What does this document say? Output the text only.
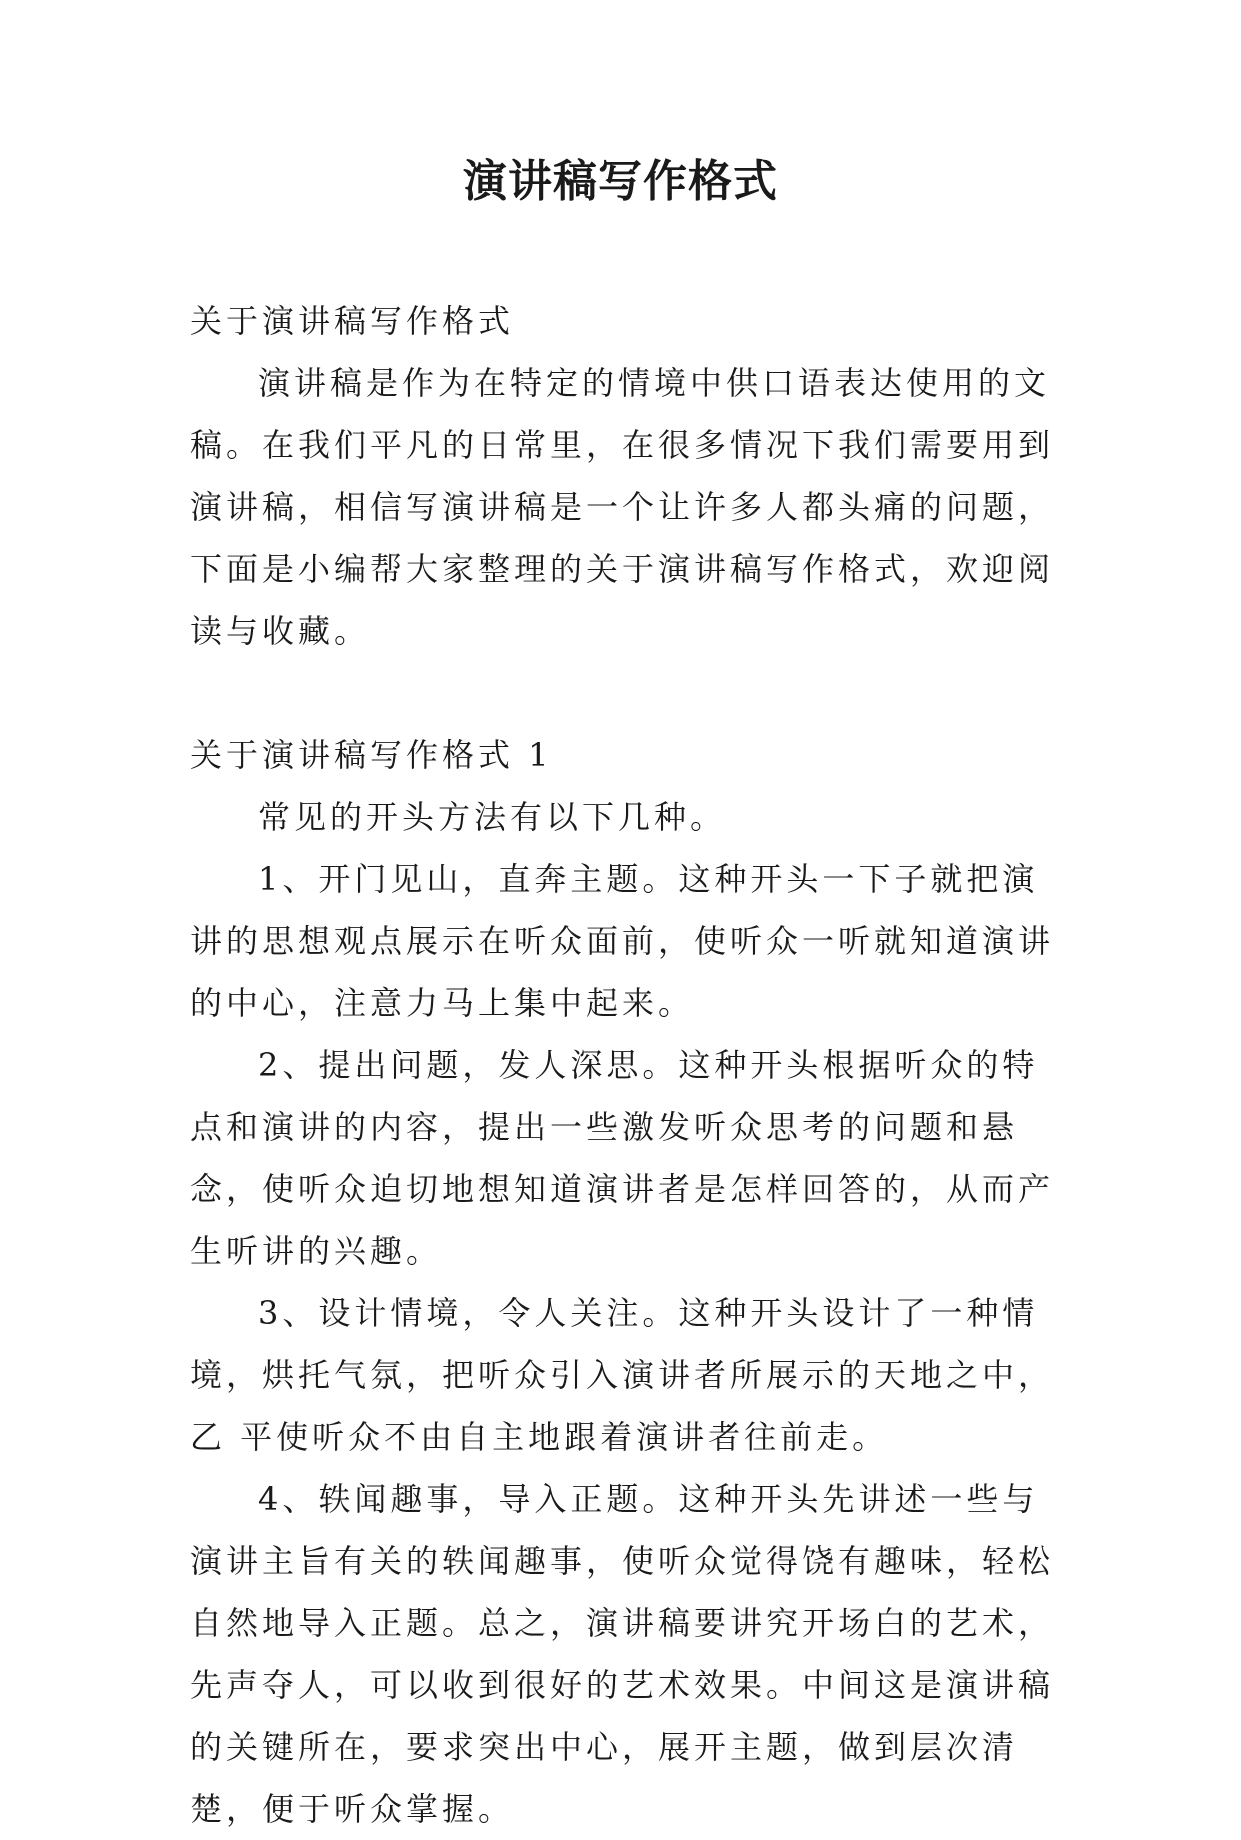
演讲稿写作格式

关于演讲稿写作格式

演讲稿是作为在特定的情境中供口语表达使用的文稿。在我们平凡的日常里，在很多情况下我们需要用到演讲稿，相信写演讲稿是一个让许多人都头痛的问题，下面是小编帮大家整理的关于演讲稿写作格式，欢迎阅读与收藏。

关于演讲稿写作格式 1

常见的开头方法有以下几种。

1、开门见山，直奔主题。这种开头一下子就把演讲的思想观点展示在听众面前，使听众一听就知道演讲的中心，注意力马上集中起来。

2、提出问题，发人深思。这种开头根据听众的特点和演讲的内容，提出一些激发听众思考的问题和悬念，使听众迫切地想知道演讲者是怎样回答的，从而产生听讲的兴趣。

3、设计情境，令人关注。这种开头设计了一种情境，烘托气氛，把听众引入演讲者所展示的天地之中，乙 平使听众不由自主地跟着演讲者往前走。

4、轶闻趣事，导入正题。这种开头先讲述一些与演讲主旨有关的轶闻趣事，使听众觉得饶有趣味，轻松自然地导入正题。总之，演讲稿要讲究开场白的艺术，先声夺人，可以收到很好的艺术效果。中间这是演讲稿的关键所在，要求突出中心，展开主题，做到层次清楚，便于听众掌握。
